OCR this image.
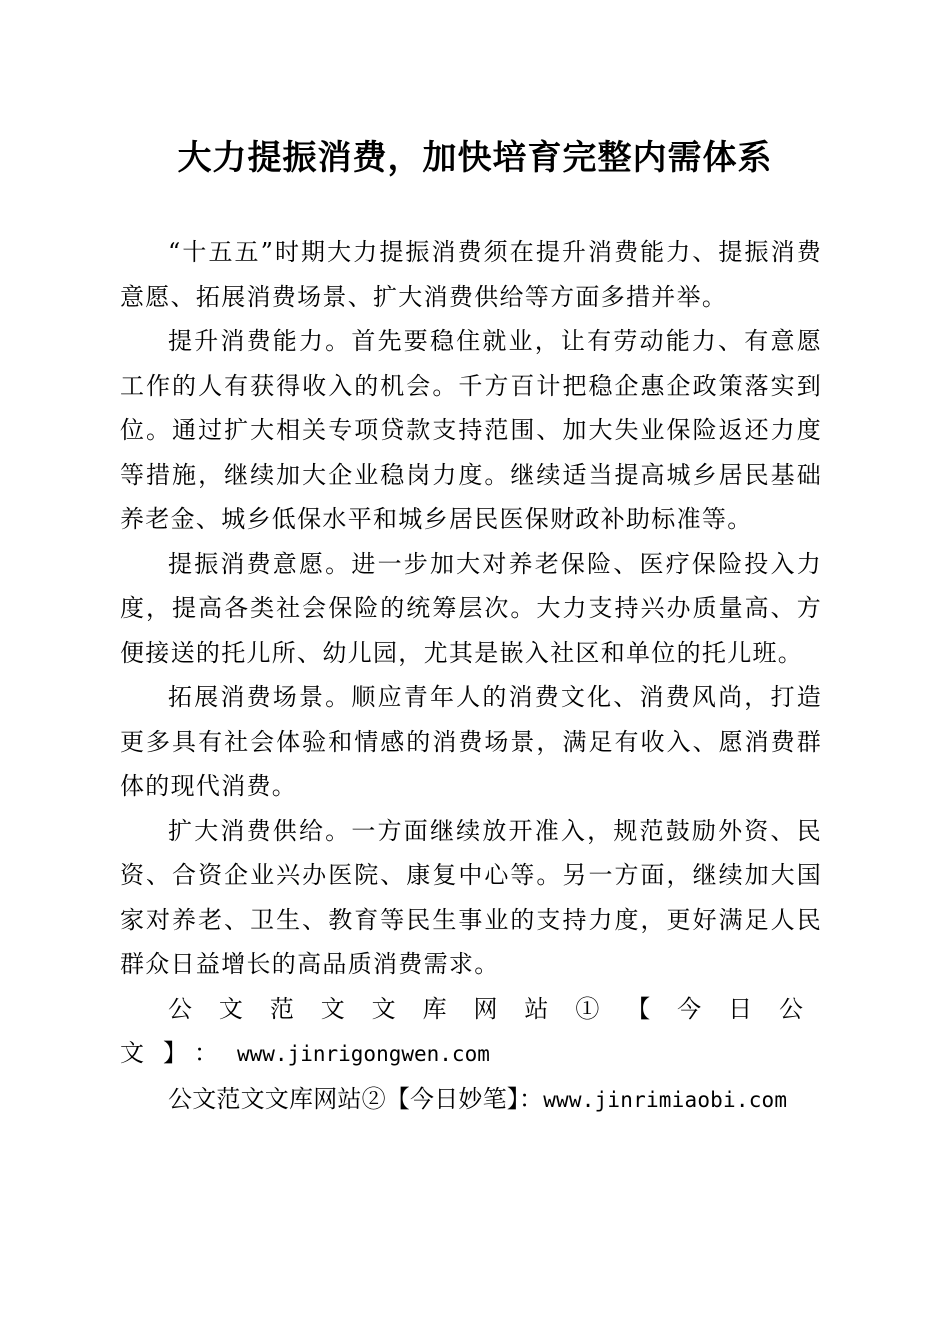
大力提振消费，加快培育完整内需体系

“十五五”时期大力提振消费须在提升消费能力、提振消费意愿、拓展消费场景、扩大消费供给等方面多措并举。

提升消费能力。首先要稳住就业，让有劳动能力、有意愿工作的人有获得收入的机会。千方百计把稳企惠企政策落实到位。通过扩大相关专项贷款支持范围、加大失业保险返还力度等措施，继续加大企业稳岗力度。继续适当提高城乡居民基础养老金、城乡低保水平和城乡居民医保财政补助标准等。

提振消费意愿。进一步加大对养老保险、医疗保险投入力度，提高各类社会保险的统筹层次。大力支持兴办质量高、方便接送的托儿所、幼儿园，尤其是嵌入社区和单位的托儿班。

拓展消费场景。顺应青年人的消费文化、消费风尚，打造更多具有社会体验和情感的消费场景，满足有收入、愿消费群体的现代消费。

扩大消费供给。一方面继续放开准入，规范鼓励外资、民资、合资企业兴办医院、康复中心等。另一方面，继续加大国家对养老、卫生、教育等民生事业的支持力度，更好满足人民群众日益增长的高品质消费需求。

公文范文文库网站①【今日公文】：www.jinrigongwen.com

公文范文文库网站②【今日妙笔】：www.jinrimiaobi.com
